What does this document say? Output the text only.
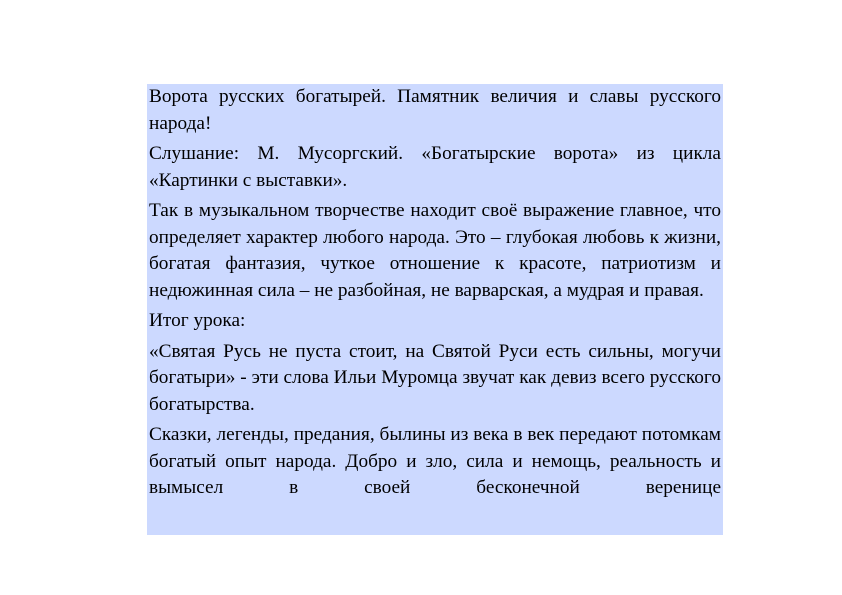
Ворота русских богатырей. Памятник величия и славы русского народа!

Слушание: М. Мусоргский. «Богатырские ворота» из цикла «Картинки с выставки».

Так в музыкальном творчестве находит своё выражение главное, что определяет характер любого народа. Это – глубокая любовь к жизни, богатая фантазия, чуткое отношение к красоте, патриотизм и недюжинная сила – не разбойная, не варварская, а мудрая и правая.

Итог урока:

«Святая Русь не пуста стоит, на Святой Руси есть сильны, могучи богатыри» - эти слова Ильи Муромца звучат как девиз всего русского богатырства.

Сказки, легенды, предания, былины из века в век передают потомкам богатый опыт народа. Добро и зло, сила и немощь, реальность и вымысел в своей бесконечной веренице
